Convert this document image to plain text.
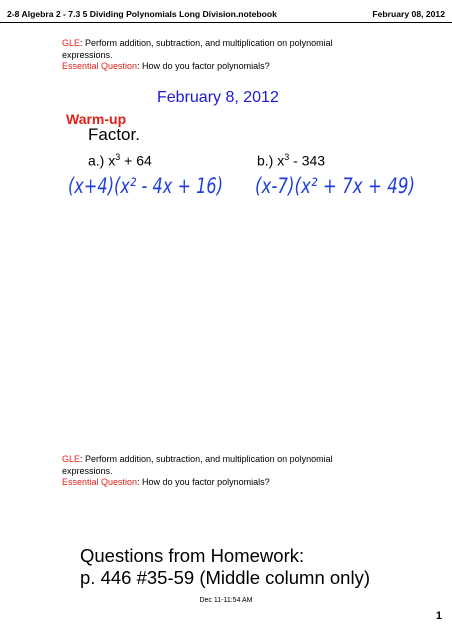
2-8 Algebra 2 - 7.3 5 Dividing Polynomials Long Division.notebook	February 08, 2012
GLE: Perform addition, subtraction, and multiplication on polynomial expressions.
Essential Question: How do you factor polynomials?
February 8, 2012
Warm-up
Factor.
a.) $x^3 + 64$	b.) $x^3 - 343$
(x+4)(x² - 4x + 16) (x-7)(x² + 7x + 49)
GLE: Perform addition, subtraction, and multiplication on polynomial expressions.
Essential Question: How do you factor polynomials?
Questions from Homework:
p. 446 #35-59 (Middle column only)
Dec 11-11:54 AM
1
